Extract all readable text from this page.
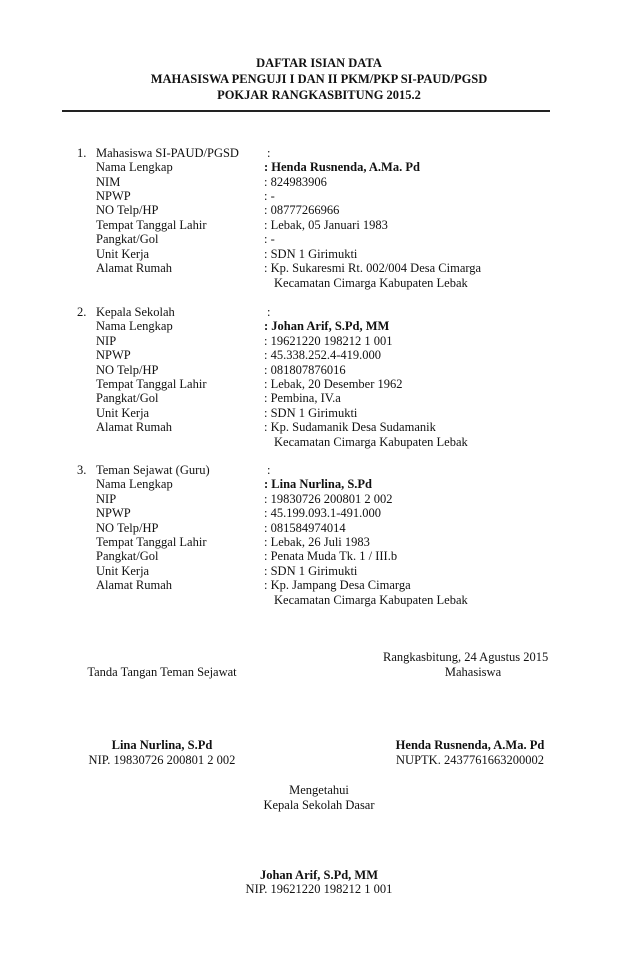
DAFTAR ISIAN DATA
MAHASISWA PENGUJI I DAN II PKM/PKP SI-PAUD/PGSD
POKJAR RANGKASBITUNG 2015.2
1. Mahasiswa SI-PAUD/PGSD :
Nama Lengkap	: Henda Rusnenda, A.Ma. Pd
NIM	: 824983906
NPWP	: -
NO Telp/HP	: 08777266966
Tempat Tanggal Lahir	: Lebak, 05 Januari 1983
Pangkat/Gol	: -
Unit Kerja	: SDN 1 Girimukti
Alamat Rumah	: Kp. Sukaresmi Rt. 002/004 Desa Cimarga
Kecamatan Cimarga Kabupaten Lebak
2. Kepala Sekolah	:
Nama Lengkap	: Johan Arif, S.Pd, MM
NIP	: 19621220 198212 1 001
NPWP	: 45.338.252.4-419.000
NO Telp/HP	: 081807876016
Tempat Tanggal Lahir	: Lebak, 20 Desember 1962
Pangkat/Gol	: Pembina, IV.a
Unit Kerja	: SDN 1 Girimukti
Alamat Rumah	: Kp. Sudamanik Desa Sudamanik
Kecamatan Cimarga Kabupaten Lebak
3. Teman Sejawat (Guru)	:
Nama Lengkap	: Lina Nurlina, S.Pd
NIP	: 19830726 200801 2 002
NPWP	: 45.199.093.1-491.000
NO Telp/HP	: 081584974014
Tempat Tanggal Lahir	: Lebak, 26 Juli 1983
Pangkat/Gol	: Penata Muda Tk. 1 / III.b
Unit Kerja	: SDN 1 Girimukti
Alamat Rumah	: Kp. Jampang Desa Cimarga
Kecamatan Cimarga Kabupaten Lebak
Rangkasbitung, 24 Agustus 2015
Tanda Tangan Teman Sejawat	Mahasiswa
Lina Nurlina, S.Pd
NIP. 19830726 200801 2 002
Henda Rusnenda, A.Ma. Pd
NUPTK. 2437761663200002
Mengetahui
Kepala Sekolah Dasar
Johan Arif, S.Pd, MM
NIP. 19621220 198212 1 001
